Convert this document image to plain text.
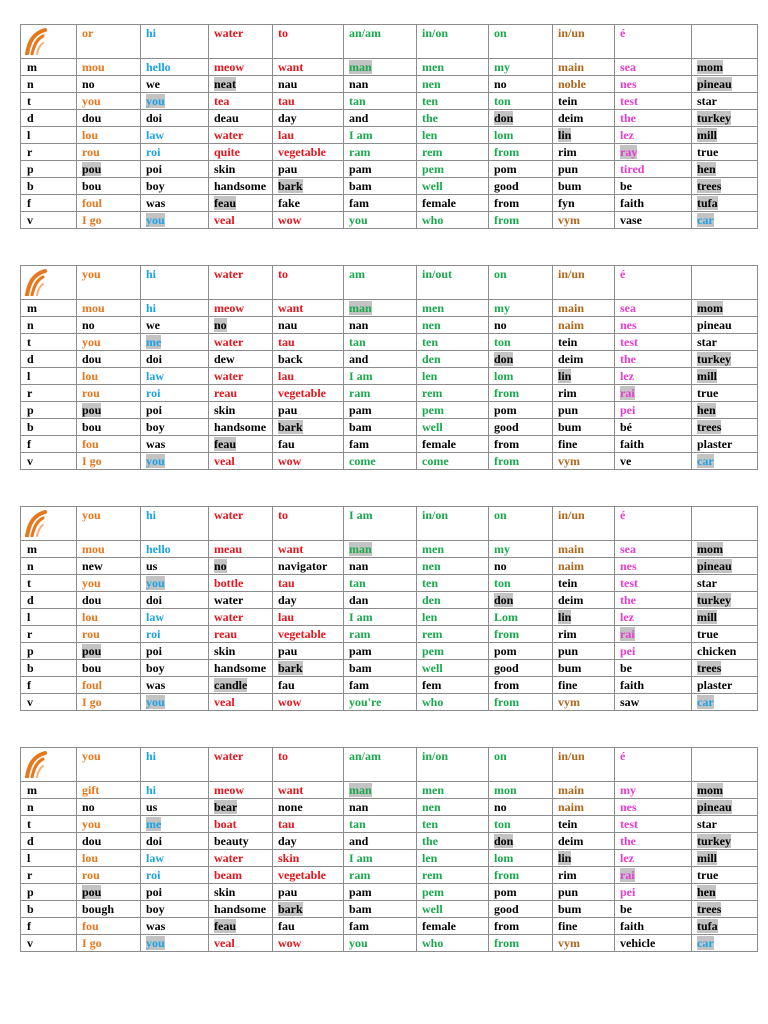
	or	hi	water	to	an/am	in/on	on	in/un	é	
m	mou	hello	meow	want	man	men	my	main	sea	mom
n	no	we	neat	nau	nan	nen	no	noble	nes	pineau
t	you	you	tea	tau	tan	ten	ton	tein	test	star
d	dou	doi	deau	day	and	the	don	deim	the	turkey
l	lou	law	water	lau	I am	len	lom	lin	lez	mill
r	rou	roi	quite	vegetable	ram	rem	from	rim	ray	true
p	pou	poi	skin	pau	pam	pem	pom	pun	tired	hen
b	bou	boy	handsome	bark	bam	well	good	bum	be	trees
f	foul	was	feau	fake	fam	female	from	fyn	faith	tufa
v	I go	you	veal	wow	you	who	from	vym	vase	car
	you	hi	water	to	am	in/out	on	in/un	é	
m	mou	hi	meow	want	man	men	my	main	sea	mom
n	no	we	no	nau	nan	nen	no	naim	nes	pineau
t	you	me	water	tau	tan	ten	ton	tein	test	star
d	dou	doi	dew	back	and	den	don	deim	the	turkey
l	lou	law	water	lau	I am	len	lom	lin	lez	mill
r	rou	roi	reau	vegetable	ram	rem	from	rim	rai	true
p	pou	poi	skin	pau	pam	pem	pom	pun	pei	hen
b	bou	boy	handsome	bark	bam	well	good	bum	bé	trees
f	fou	was	feau	fau	fam	female	from	fine	faith	plaster
v	I go	you	veal	wow	come	come	from	vym	ve	car
	you	hi	water	to	I am	in/on	on	in/un	é	
m	mou	hello	meau	want	man	men	my	main	sea	mom
n	new	us	no	navigator	nan	nen	no	naim	nes	pineau
t	you	you	bottle	tau	tan	ten	ton	tein	test	star
d	dou	doi	water	day	dan	den	don	deim	the	turkey
l	lou	law	water	lau	I am	len	Lom	lin	lez	mill
r	rou	roi	reau	vegetable	ram	rem	from	rim	rai	true
p	pou	poi	skin	pau	pam	pem	pom	pun	pei	chicken
b	bou	boy	handsome	bark	bam	well	good	bum	be	trees
f	foul	was	candle	fau	fam	fem	from	fine	faith	plaster
v	I go	you	veal	wow	you're	who	from	vym	saw	car
	you	hi	water	to	an/am	in/on	on	in/un	é	
m	gift	hi	meow	want	man	men	mon	main	my	mom
n	no	us	bear	none	nan	nen	no	naim	nes	pineau
t	you	me	boat	tau	tan	ten	ton	tein	test	star
d	dou	doi	beauty	day	and	the	don	deim	the	turkey
l	lou	law	water	skin	I am	len	lom	lin	lez	mill
r	rou	roi	beam	vegetable	ram	rem	from	rim	rai	true
p	pou	poi	skin	pau	pam	pem	pom	pun	pei	hen
b	bough	boy	handsome	bark	bam	well	good	bum	be	trees
f	fou	was	feau	fau	fam	female	from	fine	faith	tufa
v	I go	you	veal	wow	you	who	from	vym	vehicle	car
